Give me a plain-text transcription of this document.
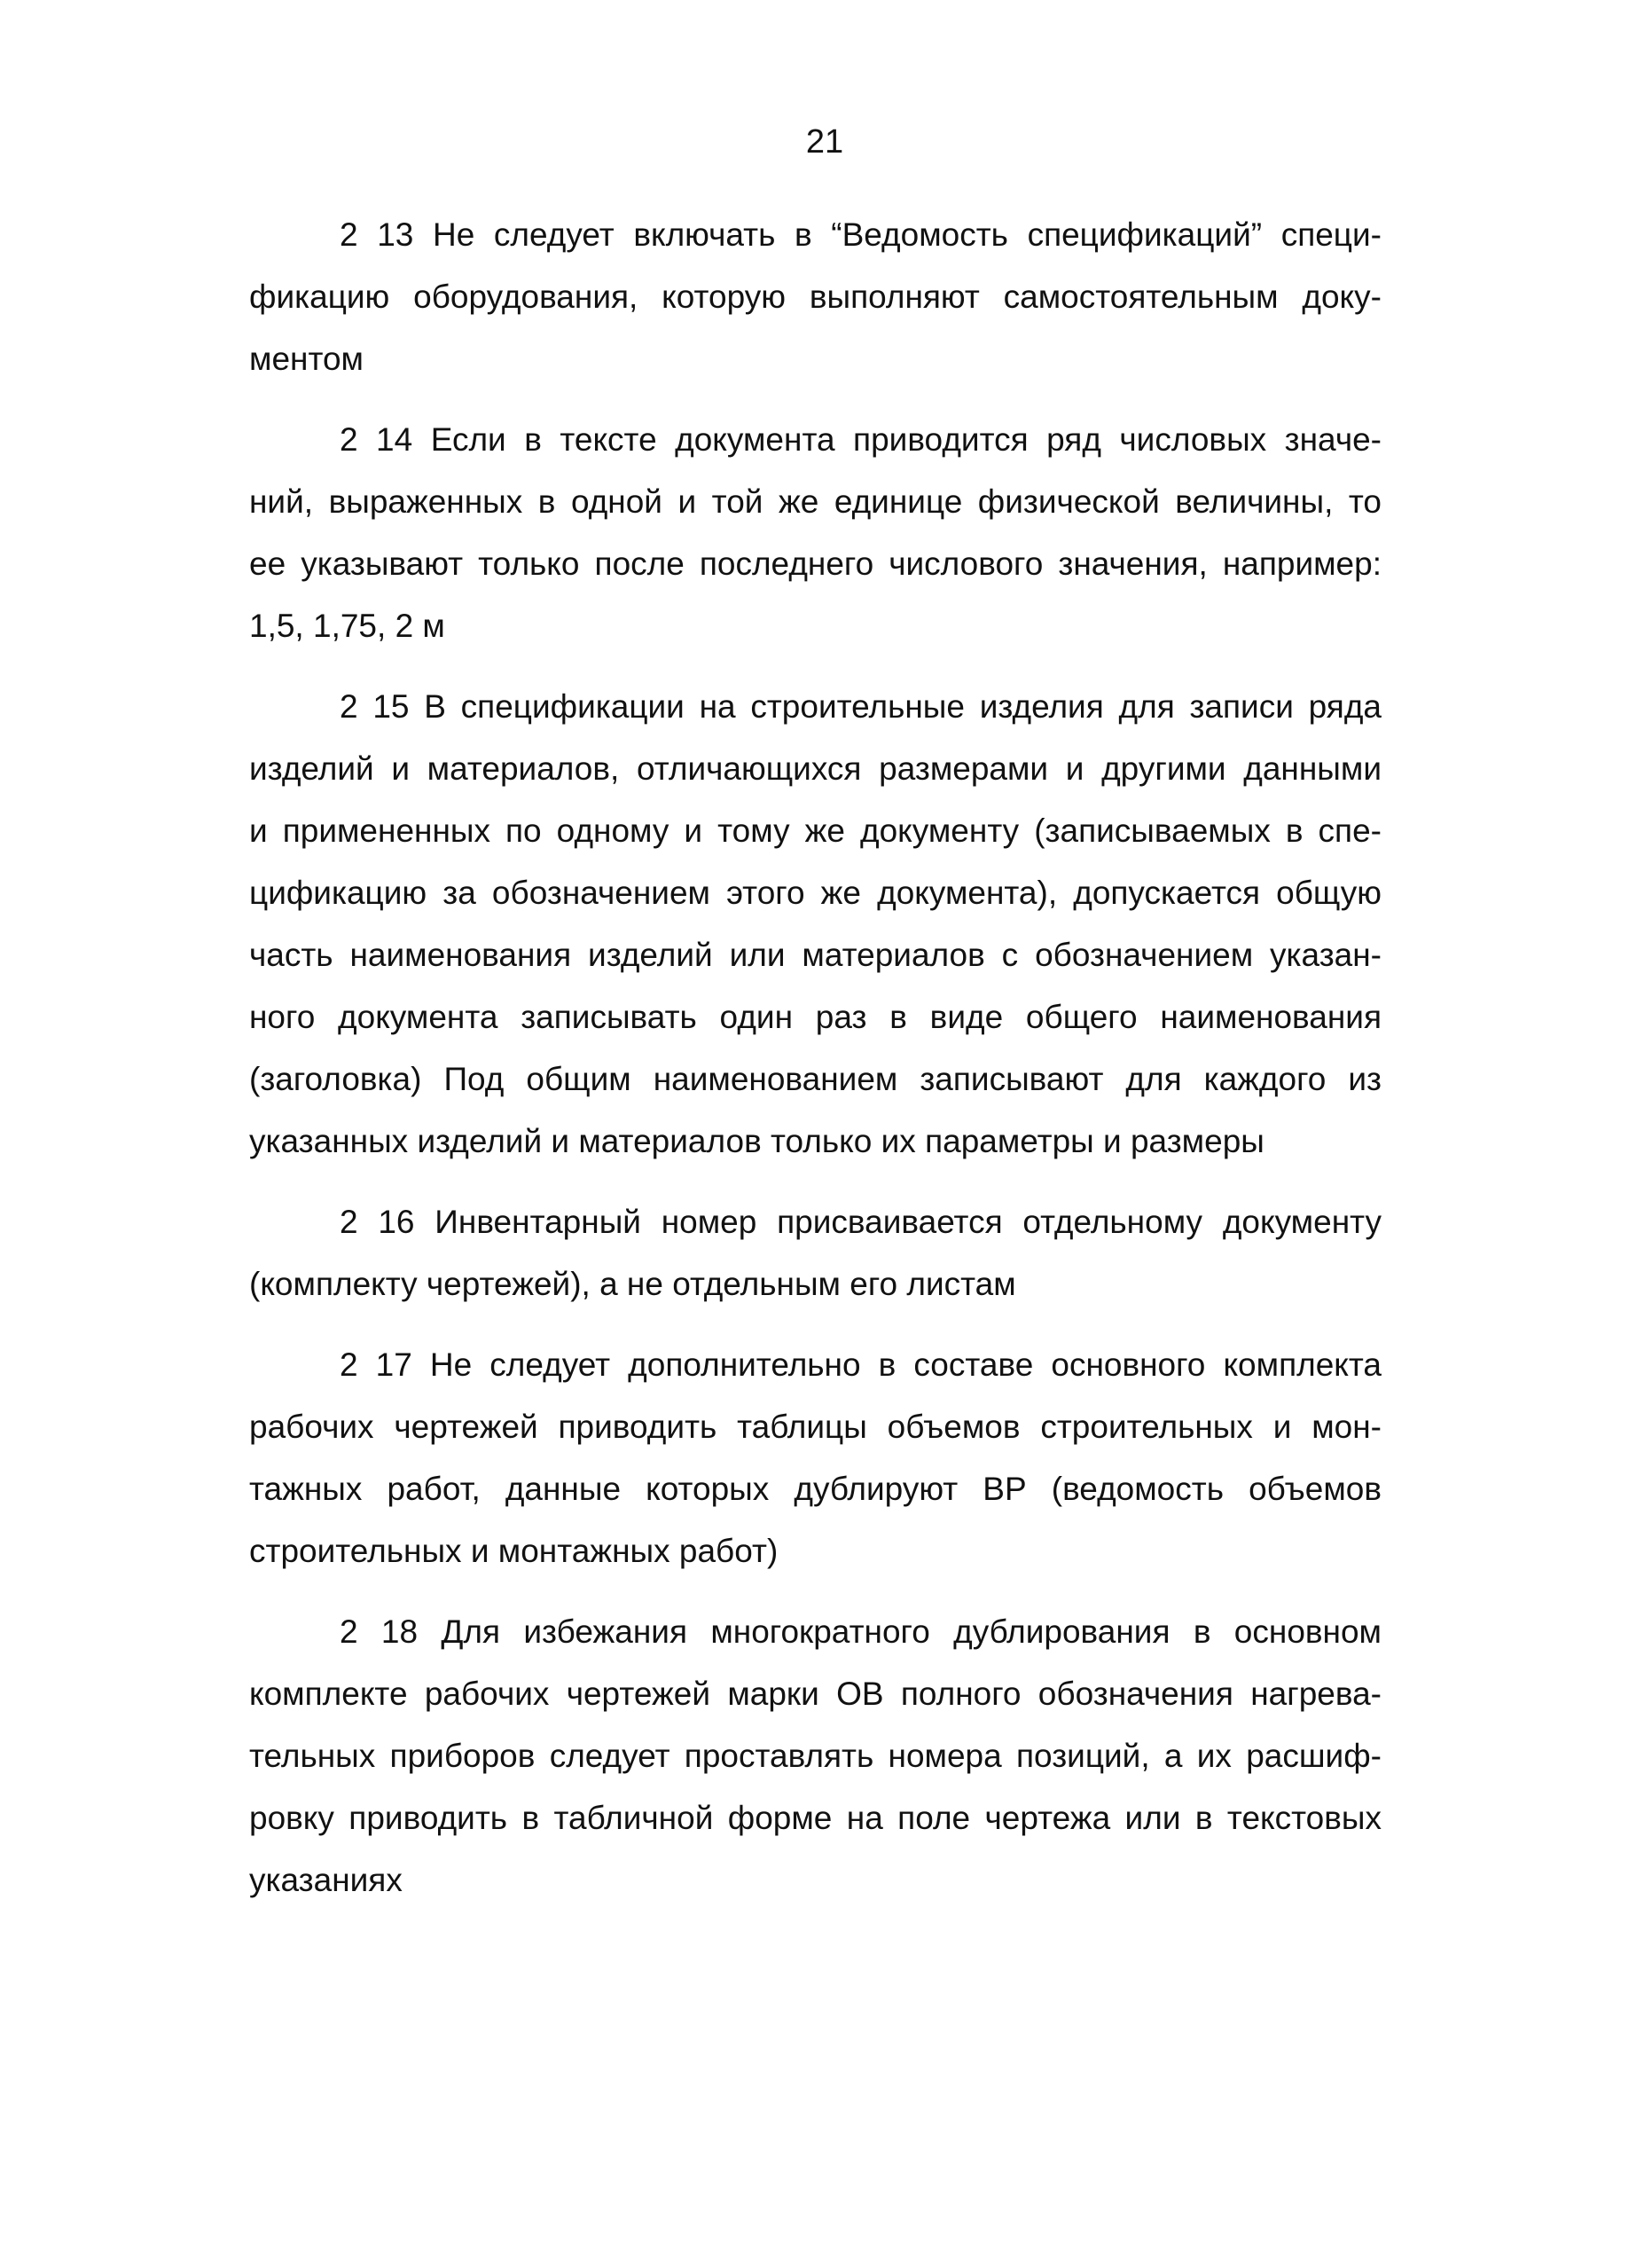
21
2 13 Не следует включать в “Ведомость спецификаций” специ-
фикацию оборудования, которую выполняют самостоятельным доку-
ментом
2 14 Если в тексте документа приводится ряд числовых значе-
ний, выраженных в одной и той же единице физической величины, то
ее указывают только после последнего числового значения, например:
1,5, 1,75, 2 м
2 15 В спецификации на строительные изделия для записи ряда
изделий и материалов, отличающихся размерами и другими данными
и примененных по одному и тому же документу (записываемых в спе-
цификацию за обозначением этого же документа), допускается общую
часть наименования изделий или материалов с обозначением указан-
ного документа записывать один раз в виде общего наименования
(заголовка) Под общим наименованием записывают для каждого из
указанных изделий и материалов только их параметры и размеры
2 16 Инвентарный номер присваивается отдельному документу
(комплекту чертежей), а не отдельным его листам
2 17 Не следует дополнительно в составе основного комплекта
рабочих чертежей приводить таблицы объемов строительных и мон-
тажных работ, данные которых дублируют ВР (ведомость объемов
строительных и монтажных работ)
2 18 Для избежания многократного дублирования в основном
комплекте рабочих чертежей марки ОВ полного обозначения нагрева-
тельных приборов следует проставлять номера позиций, а их расшиф-
ровку приводить в табличной форме на поле чертежа или в текстовых
указаниях
